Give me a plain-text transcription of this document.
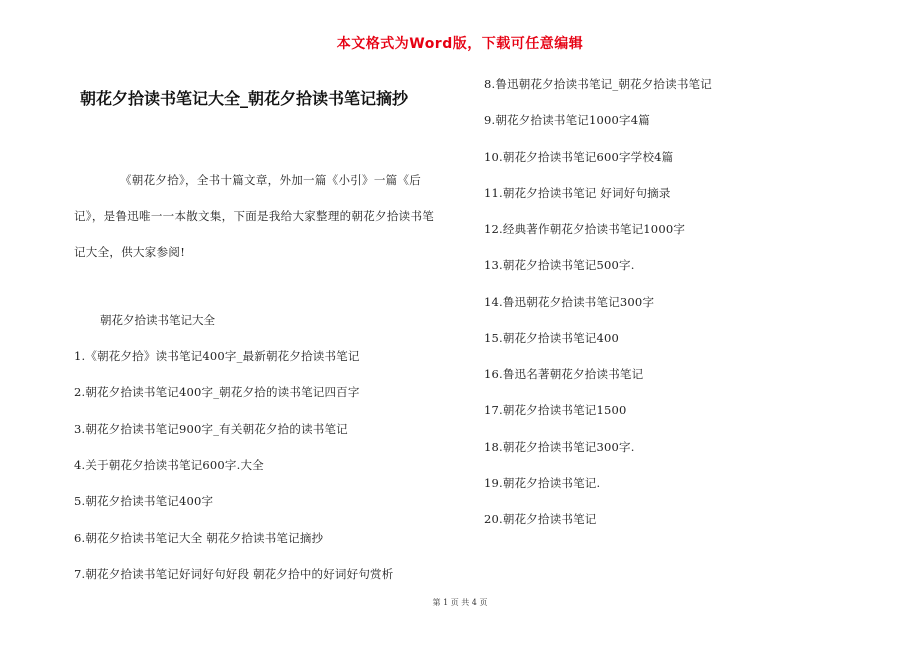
本文格式为Word版，下载可任意编辑
朝花夕拾读书笔记大全_朝花夕拾读书笔记摘抄
《朝花夕拾》，全书十篇文章，外加一篇《小引》一篇《后记》，是鲁迅唯一一本散文集，下面是我给大家整理的朝花夕拾读书笔记大全，供大家参阅!
朝花夕拾读书笔记大全
1.《朝花夕拾》读书笔记400字_最新朝花夕拾读书笔记
2.朝花夕拾读书笔记400字_朝花夕拾的读书笔记四百字
3.朝花夕拾读书笔记900字_有关朝花夕拾的读书笔记
4.关于朝花夕拾读书笔记600字.大全
5.朝花夕拾读书笔记400字
6.朝花夕拾读书笔记大全 朝花夕拾读书笔记摘抄
7.朝花夕拾读书笔记好词好句好段 朝花夕拾中的好词好句赏析
8.鲁迅朝花夕拾读书笔记_朝花夕拾读书笔记
9.朝花夕拾读书笔记1000字4篇
10.朝花夕拾读书笔记600字学校4篇
11.朝花夕拾读书笔记 好词好句摘录
12.经典著作朝花夕拾读书笔记1000字
13.朝花夕拾读书笔记500字.
14.鲁迅朝花夕拾读书笔记300字
15.朝花夕拾读书笔记400
16.鲁迅名著朝花夕拾读书笔记
17.朝花夕拾读书笔记1500
18.朝花夕拾读书笔记300字.
19.朝花夕拾读书笔记.
20.朝花夕拾读书笔记
第 1 页 共 4 页
